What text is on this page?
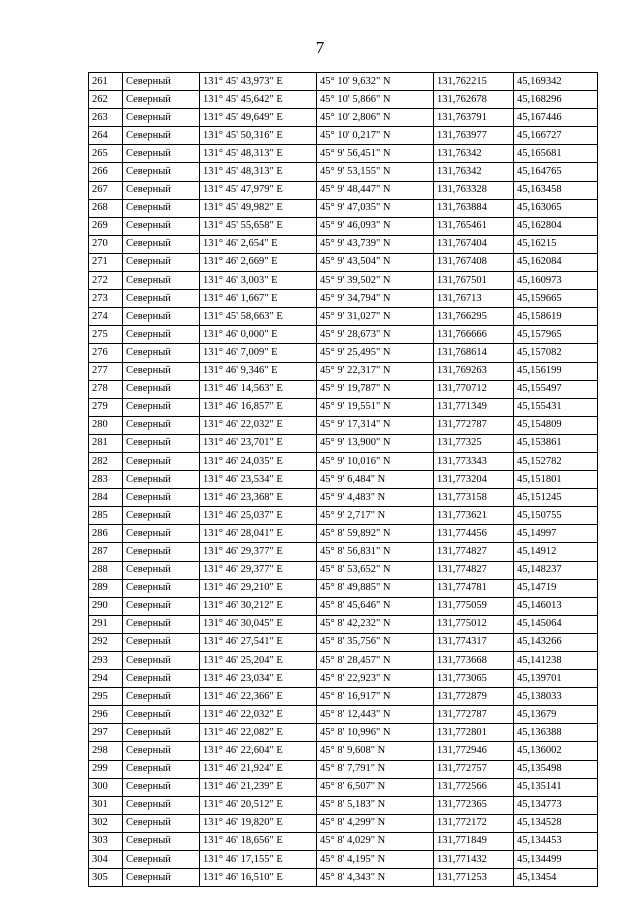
7
261	Северный	131° 45' 43,973" E	45° 10' 9,632" N	131,762215	45,169342
262	Северный	131° 45' 45,642" E	45° 10' 5,866" N	131,762678	45,168296
263	Северный	131° 45' 49,649" E	45° 10' 2,806" N	131,763791	45,167446
264	Северный	131° 45' 50,316" E	45° 10' 0,217" N	131,763977	45,166727
265	Северный	131° 45' 48,313" E	45° 9' 56,451" N	131,76342	45,165681
266	Северный	131° 45' 48,313" E	45° 9' 53,155" N	131,76342	45,164765
267	Северный	131° 45' 47,979" E	45° 9' 48,447" N	131,763328	45,163458
268	Северный	131° 45' 49,982" E	45° 9' 47,035" N	131,763884	45,163065
269	Северный	131° 45' 55,658" E	45° 9' 46,093" N	131,765461	45,162804
270	Северный	131° 46' 2,654" E	45° 9' 43,739" N	131,767404	45,16215
271	Северный	131° 46' 2,669" E	45° 9' 43,504" N	131,767408	45,162084
272	Северный	131° 46' 3,003" E	45° 9' 39,502" N	131,767501	45,160973
273	Северный	131° 46' 1,667" E	45° 9' 34,794" N	131,76713	45,159665
274	Северный	131° 45' 58,663" E	45° 9' 31,027" N	131,766295	45,158619
275	Северный	131° 46' 0,000" E	45° 9' 28,673" N	131,766666	45,157965
276	Северный	131° 46' 7,009" E	45° 9' 25,495" N	131,768614	45,157082
277	Северный	131° 46' 9,346" E	45° 9' 22,317" N	131,769263	45,156199
278	Северный	131° 46' 14,563" E	45° 9' 19,787" N	131,770712	45,155497
279	Северный	131° 46' 16,857" E	45° 9' 19,551" N	131,771349	45,155431
280	Северный	131° 46' 22,032" E	45° 9' 17,314" N	131,772787	45,154809
281	Северный	131° 46' 23,701" E	45° 9' 13,900" N	131,77325	45,153861
282	Северный	131° 46' 24,035" E	45° 9' 10,016" N	131,773343	45,152782
283	Северный	131° 46' 23,534" E	45° 9' 6,484" N	131,773204	45,151801
284	Северный	131° 46' 23,368" E	45° 9' 4,483" N	131,773158	45,151245
285	Северный	131° 46' 25,037" E	45° 9' 2,717" N	131,773621	45,150755
286	Северный	131° 46' 28,041" E	45° 8' 59,892" N	131,774456	45,14997
287	Северный	131° 46' 29,377" E	45° 8' 56,831" N	131,774827	45,14912
288	Северный	131° 46' 29,377" E	45° 8' 53,652" N	131,774827	45,148237
289	Северный	131° 46' 29,210" E	45° 8' 49,885" N	131,774781	45,14719
290	Северный	131° 46' 30,212" E	45° 8' 45,646" N	131,775059	45,146013
291	Северный	131° 46' 30,045" E	45° 8' 42,232" N	131,775012	45,145064
292	Северный	131° 46' 27,541" E	45° 8' 35,756" N	131,774317	45,143266
293	Северный	131° 46' 25,204" E	45° 8' 28,457" N	131,773668	45,141238
294	Северный	131° 46' 23,034" E	45° 8' 22,923" N	131,773065	45,139701
295	Северный	131° 46' 22,366" E	45° 8' 16,917" N	131,772879	45,138033
296	Северный	131° 46' 22,032" E	45° 8' 12,443" N	131,772787	45,13679
297	Северный	131° 46' 22,082" E	45° 8' 10,996" N	131,772801	45,136388
298	Северный	131° 46' 22,604" E	45° 8' 9,608" N	131,772946	45,136002
299	Северный	131° 46' 21,924" E	45° 8' 7,791" N	131,772757	45,135498
300	Северный	131° 46' 21,239" E	45° 8' 6,507" N	131,772566	45,135141
301	Северный	131° 46' 20,512" E	45° 8' 5,183" N	131,772365	45,134773
302	Северный	131° 46' 19,820" E	45° 8' 4,299" N	131,772172	45,134528
303	Северный	131° 46' 18,656" E	45° 8' 4,029" N	131,771849	45,134453
304	Северный	131° 46' 17,155" E	45° 8' 4,195" N	131,771432	45,134499
305	Северный	131° 46' 16,510" E	45° 8' 4,343" N	131,771253	45,13454
